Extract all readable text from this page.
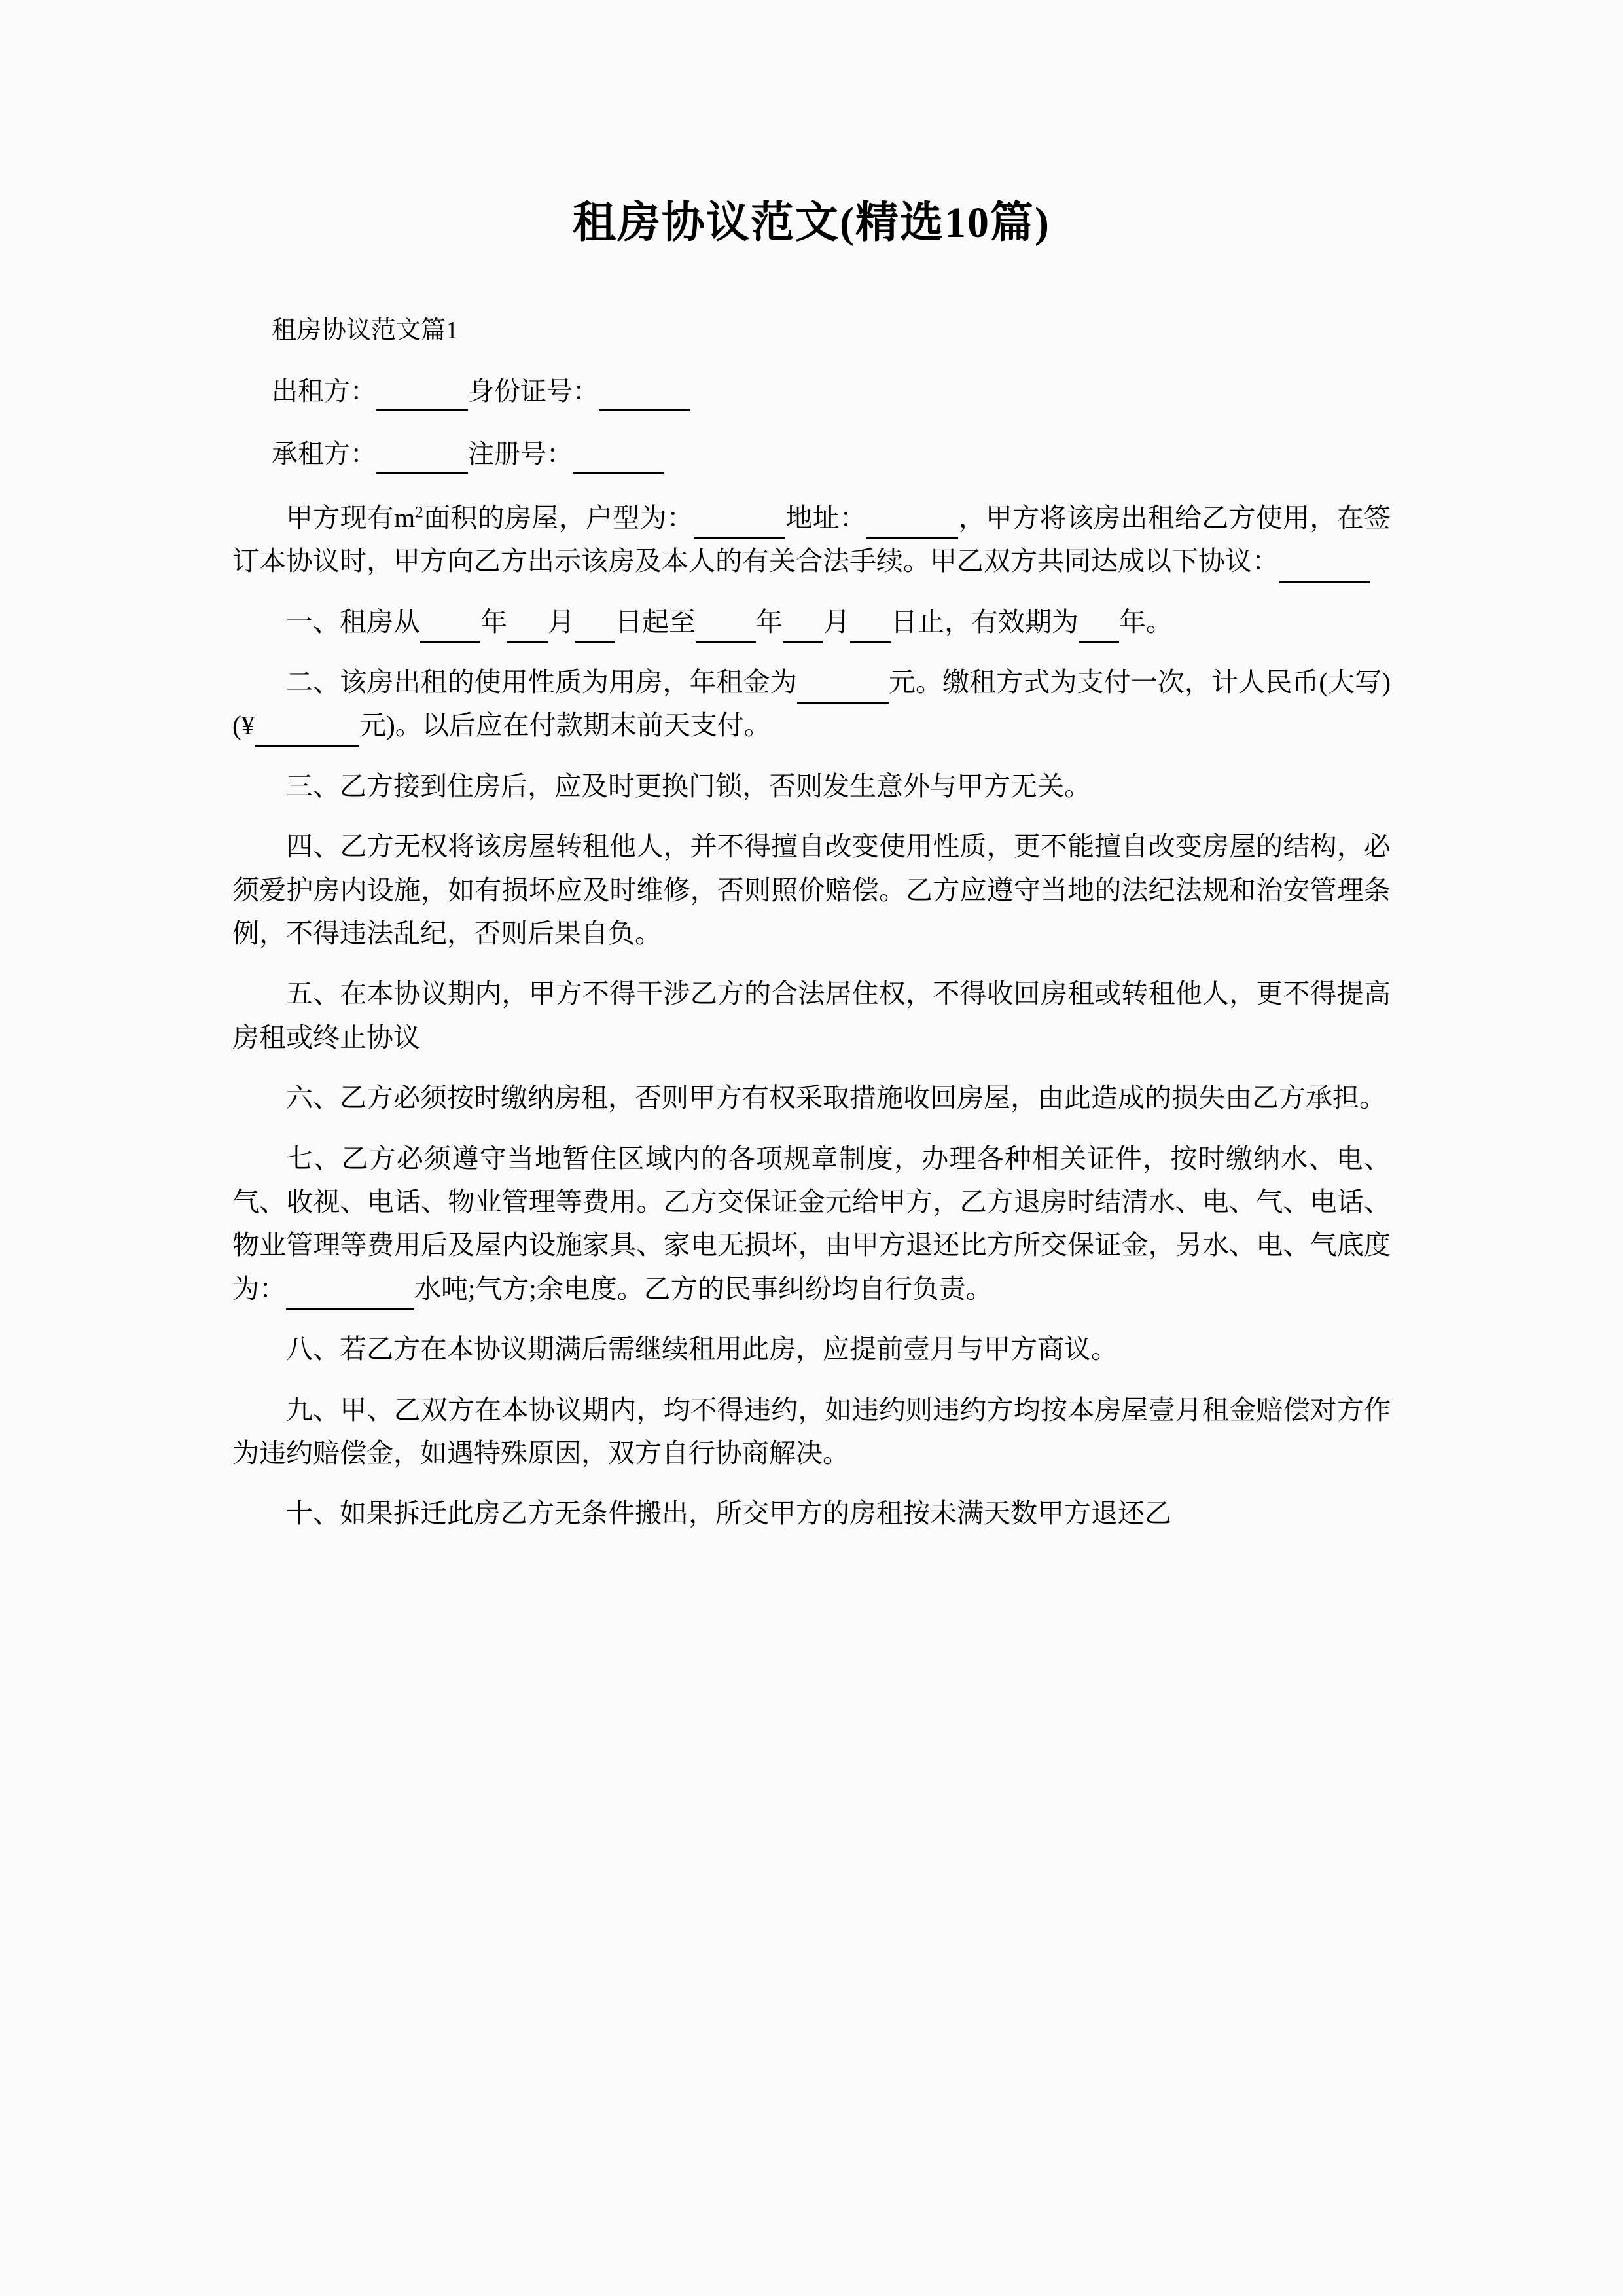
租房协议范文(精选10篇)

租房协议范文篇1

出租方：	身份证号：

承租方：	注册号：

甲方现有$m^2$面积的房屋，户型为：	地址：	，甲方将该房出租给乙方使用，在签订本协议时，甲方向乙方出示该房及本人的有关合法手续。甲乙双方共同达成以下协议：

一、租房从 年 月 日起至 年 月 日止，有效期为 年。

二、该房出租的使用性质为用房，年租金为	元。缴租方式为支付一次，计人民币(大写)(¥	元)。以后应在付款期末前天支付。

三、乙方接到住房后，应及时更换门锁，否则发生意外与甲方无关。

四、乙方无权将该房屋转租他人，并不得擅自改变使用性质，更不能擅自改变房屋的结构，必须爱护房内设施，如有损坏应及时维修，否则照价赔偿。乙方应遵守当地的法纪法规和治安管理条例，不得违法乱纪，否则后果自负。

五、在本协议期内，甲方不得干涉乙方的合法居住权，不得收回房租或转租他人，更不得提高房租或终止协议

六、乙方必须按时缴纳房租，否则甲方有权采取措施收回房屋，由此造成的损失由乙方承担。

七、乙方必须遵守当地暂住区域内的各项规章制度，办理各种相关证件，按时缴纳水、电、气、收视、电话、物业管理等费用。乙方交保证金元给甲方，乙方退房时结清水、电、气、电话、物业管理等费用后及屋内设施家具、家电无损坏，由甲方退还比方所交保证金，另水、电、气底度为：	水吨;气方;余电度。乙方的民事纠纷均自行负责。

八、若乙方在本协议期满后需继续租用此房，应提前壹月与甲方商议。

九、甲、乙双方在本协议期内，均不得违约，如违约则违约方均按本房屋壹月租金赔偿对方作为违约赔偿金，如遇特殊原因，双方自行协商解决。

十、如果拆迁此房乙方无条件搬出，所交甲方的房租按未满天数甲方退还乙
